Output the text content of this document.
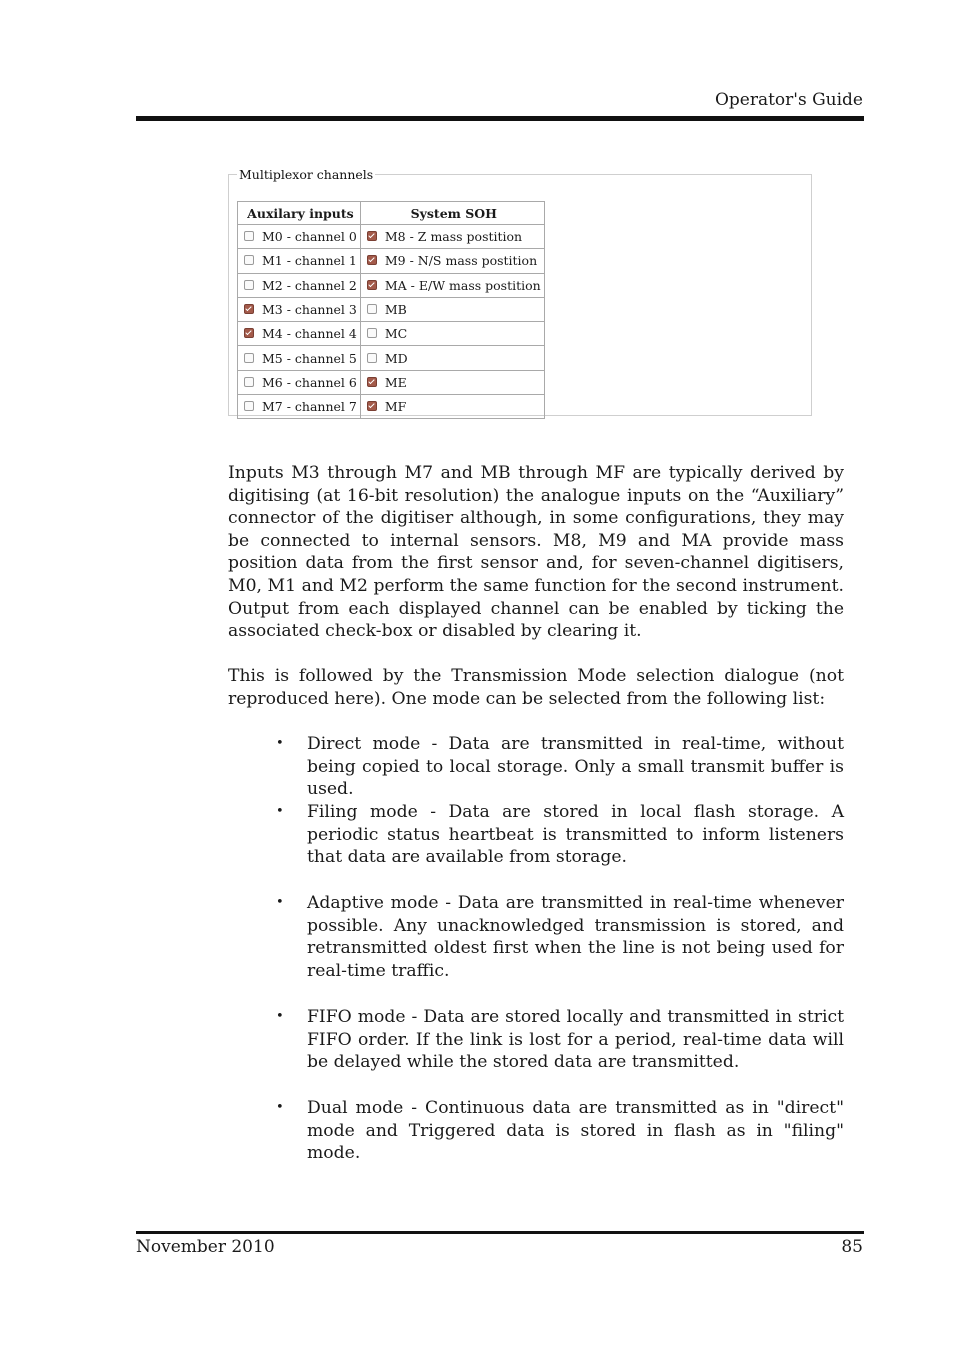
Operator's Guide
Multiplexor channels
Auxilary inputs	System SOH
M0 - channel 0	M8 - Z mass postition
M1 - channel 1	M9 - N/S mass postition
M2 - channel 2	MA - E/W mass postition
M3 - channel 3	MB
M4 - channel 4	MC
M5 - channel 5	MD
M6 - channel 6	ME
M7 - channel 7	MF
Inputs M3 through M7 and MB through MF are typically derived by digitising (at 16-bit resolution) the analogue inputs on the “Auxiliary” connector of the digitiser although, in some configurations, they may be connected to internal sensors. M8, M9 and MA provide mass position data from the first sensor and, for seven-channel digitisers, M0, M1 and M2 perform the same function for the second instrument. Output from each displayed channel can be enabled by ticking the associated check-box or disabled by clearing it.
This is followed by the Transmission Mode selection dialogue (not reproduced here). One mode can be selected from the following list:
• Direct mode - Data are transmitted in real-time, without being copied to local storage. Only a small transmit buffer is used.
• Filing mode - Data are stored in local flash storage. A periodic status heartbeat is transmitted to inform listeners that data are available from storage.
• Adaptive mode - Data are transmitted in real-time whenever possible. Any unacknowledged transmission is stored, and retransmitted oldest first when the line is not being used for real-time traffic.
• FIFO mode - Data are stored locally and transmitted in strict FIFO order. If the link is lost for a period, real-time data will be delayed while the stored data are transmitted.
• Dual mode - Continuous data are transmitted as in "direct" mode and Triggered data is stored in flash as in "filing" mode.
November 2010	85
